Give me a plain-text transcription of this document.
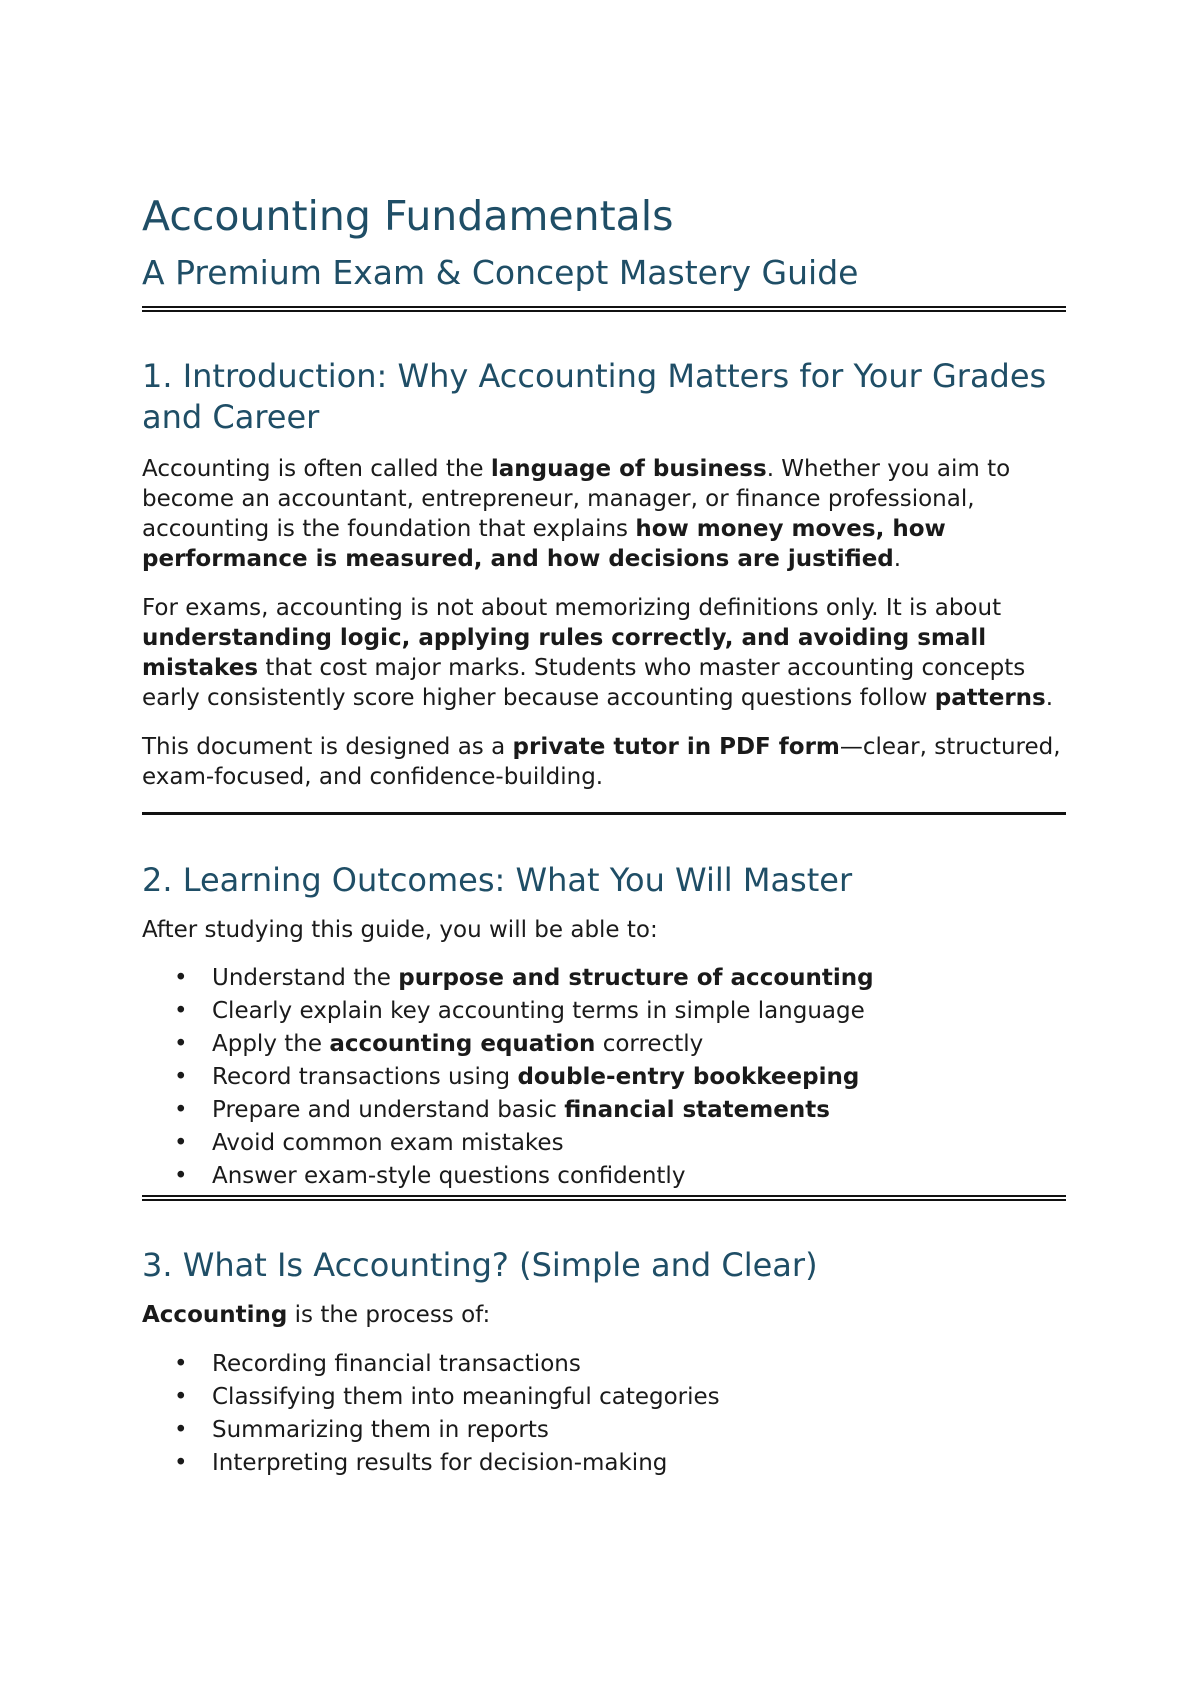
Accounting Fundamentals
A Premium Exam & Concept Mastery Guide
1. Introduction: Why Accounting Matters for Your Grades
and Career

Accounting is often called the language of business. Whether you aim to become an accountant, entrepreneur, manager, or finance professional, accounting is the foundation that explains how money moves, how performance is measured, and how decisions are justified.

For exams, accounting is not about memorizing definitions only. It is about understanding logic, applying rules correctly, and avoiding small mistakes that cost major marks. Students who master accounting concepts early consistently score higher because accounting questions follow patterns.

This document is designed as a private tutor in PDF form—clear, structured, exam-focused, and confidence-building.

2. Learning Outcomes: What You Will Master

After studying this guide, you will be able to:

• Understand the purpose and structure of accounting
• Clearly explain key accounting terms in simple language
• Apply the accounting equation correctly
• Record transactions using double-entry bookkeeping
• Prepare and understand basic financial statements
• Avoid common exam mistakes
• Answer exam-style questions confidently
3. What Is Accounting? (Simple and Clear)

Accounting is the process of:

• Recording financial transactions
• Classifying them into meaningful categories
• Summarizing them in reports
• Interpreting results for decision-making
